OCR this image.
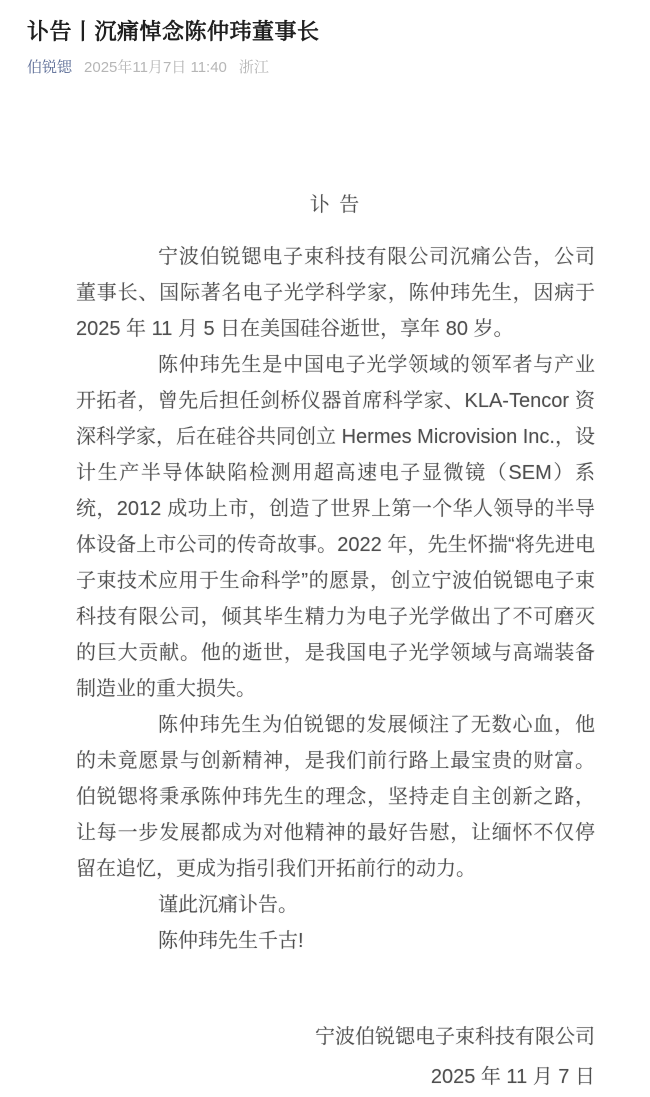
讣告丨沉痛悼念陈仲玮董事长
伯锐锶 2025年11月7日 11:40 浙江
讣 告

宁波伯锐锶电子束科技有限公司沉痛公告，公司董事长、国际著名电子光学科学家，陈仲玮先生，因病于 2025 年 11 月 5 日在美国硅谷逝世，享年 80 岁。

陈仲玮先生是中国电子光学领域的领军者与产业开拓者，曾先后担任剑桥仪器首席科学家、KLA-Tencor 资深科学家，后在硅谷共同创立 Hermes Microvision Inc.，设计生产半导体缺陷检测用超高速电子显微镜（SEM）系统，2012 成功上市，创造了世界上第一个华人领导的半导体设备上市公司的传奇故事。2022 年，先生怀揣“将先进电子束技术应用于生命科学”的愿景，创立宁波伯锐锶电子束科技有限公司，倾其毕生精力为电子光学做出了不可磨灭的巨大贡献。他的逝世，是我国电子光学领域与高端装备制造业的重大损失。

陈仲玮先生为伯锐锶的发展倾注了无数心血，他的未竟愿景与创新精神，是我们前行路上最宝贵的财富。伯锐锶将秉承陈仲玮先生的理念，坚持走自主创新之路，让每一步发展都成为对他精神的最好告慰，让缅怀不仅停留在追忆，更成为指引我们开拓前行的动力。

谨此沉痛讣告。

陈仲玮先生千古!

宁波伯锐锶电子束科技有限公司
2025 年 11 月 7 日
